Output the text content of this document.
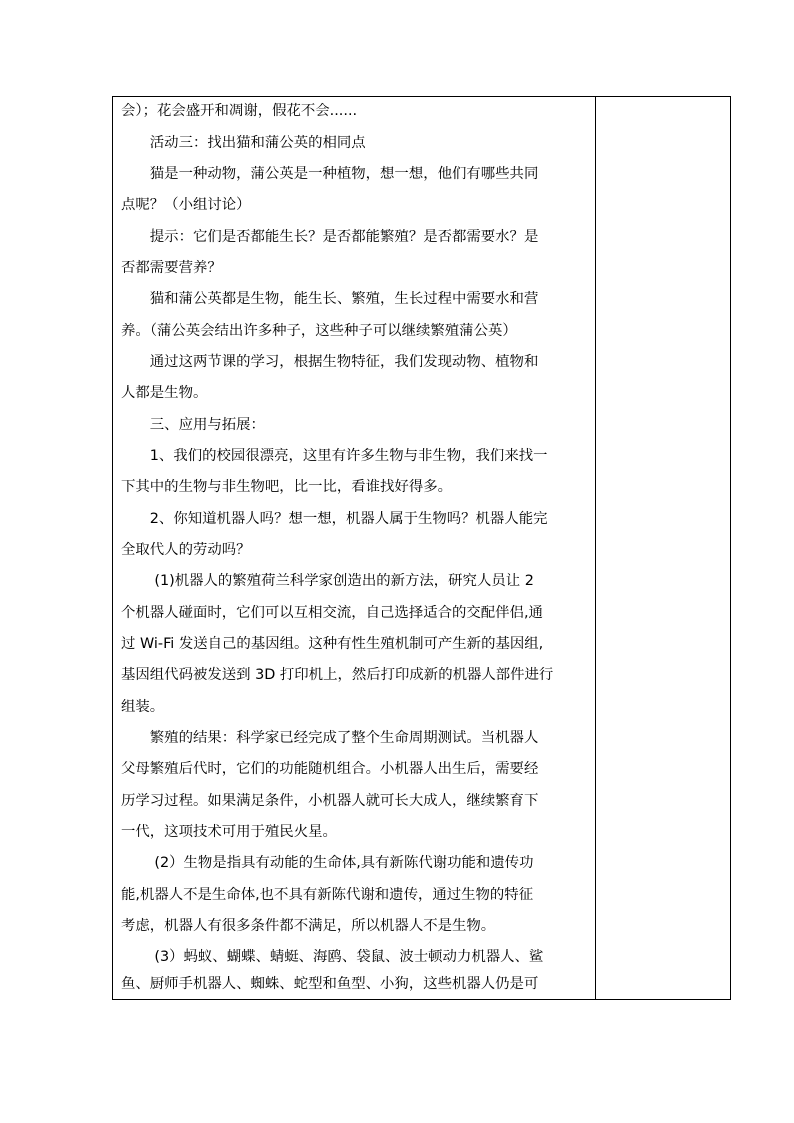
会）；花会盛开和凋谢，假花不会......
　　活动三：找出猫和蒲公英的相同点
　　猫是一种动物，蒲公英是一种植物，想一想，他们有哪些共同
点呢？（小组讨论）
　　提示：它们是否都能生长？是否都能繁殖？是否都需要水？是
否都需要营养？
　　猫和蒲公英都是生物，能生长、繁殖，生长过程中需要水和营
养。（蒲公英会结出许多种子，这些种子可以继续繁殖蒲公英）
　　通过这两节课的学习，根据生物特征，我们发现动物、植物和
人都是生物。
　　三、应用与拓展：
　　1、我们的校园很漂亮，这里有许多生物与非生物，我们来找一
下其中的生物与非生物吧，比一比，看谁找好得多。
　　2、你知道机器人吗？想一想，机器人属于生物吗？机器人能完
全取代人的劳动吗？
　　 (1)机器人的繁殖荷兰科学家创造出的新方法，研究人员让 2
个机器人碰面时，它们可以互相交流，自己选择适合的交配伴侣,通
过 Wi-Fi 发送自己的基因组。这种有性生殖机制可产生新的基因组,
基因组代码被发送到 3D 打印机上，然后打印成新的机器人部件进行
组装。
　　繁殖的结果：科学家已经完成了整个生命周期测试。当机器人
父母繁殖后代时，它们的功能随机组合。小机器人出生后，需要经
历学习过程。如果满足条件，小机器人就可长大成人，继续繁育下
一代，这项技术可用于殖民火星。
　　 (2）生物是指具有动能的生命体,具有新陈代谢功能和遗传功
能,机器人不是生命体,也不具有新陈代谢和遗传，通过生物的特征
考虑，机器人有很多条件都不满足，所以机器人不是生物。
　　 (3）蚂蚁、蝴蝶、蜻蜓、海鸥、袋鼠、波士顿动力机器人、鲨
鱼、厨师手机器人、蜘蛛、蛇型和鱼型、小狗，这些机器人仍是可
